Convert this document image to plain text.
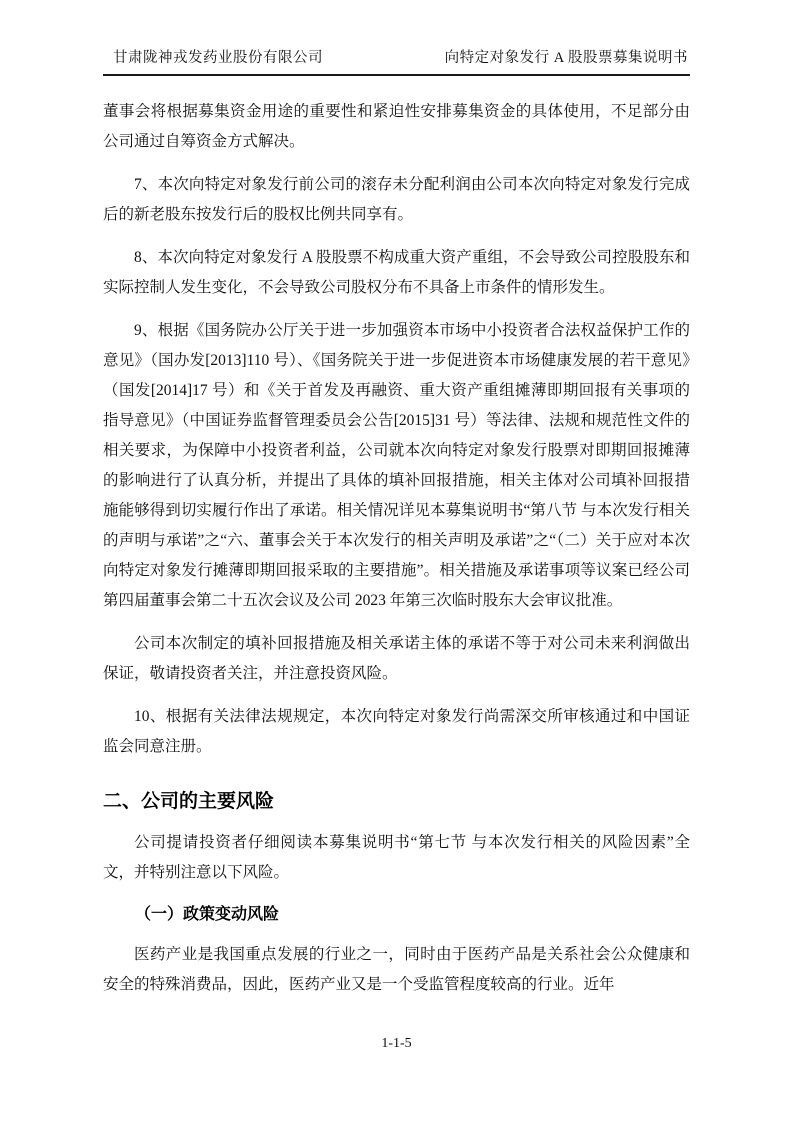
甘肃陇神戎发药业股份有限公司	向特定对象发行 A 股股票募集说明书

董事会将根据募集资金用途的重要性和紧迫性安排募集资金的具体使用，不足部分由公司通过自筹资金方式解决。

7、本次向特定对象发行前公司的滚存未分配利润由公司本次向特定对象发行完成后的新老股东按发行后的股权比例共同享有。

8、本次向特定对象发行 A 股股票不构成重大资产重组，不会导致公司控股股东和实际控制人发生变化，不会导致公司股权分布不具备上市条件的情形发生。

9、根据《国务院办公厅关于进一步加强资本市场中小投资者合法权益保护工作的意见》（国办发[2013]110 号）、《国务院关于进一步促进资本市场健康发展的若干意见》（国发[2014]17 号）和《关于首发及再融资、重大资产重组摊薄即期回报有关事项的指导意见》（中国证券监督管理委员会公告[2015]31 号）等法律、法规和规范性文件的相关要求，为保障中小投资者利益，公司就本次向特定对象发行股票对即期回报摊薄的影响进行了认真分析，并提出了具体的填补回报措施，相关主体对公司填补回报措施能够得到切实履行作出了承诺。相关情况详见本募集说明书“第八节 与本次发行相关的声明与承诺”之“六、董事会关于本次发行的相关声明及承诺”之“（二）关于应对本次向特定对象发行摊薄即期回报采取的主要措施”。相关措施及承诺事项等议案已经公司第四届董事会第二十五次会议及公司 2023 年第三次临时股东大会审议批准。

公司本次制定的填补回报措施及相关承诺主体的承诺不等于对公司未来利润做出保证，敬请投资者关注，并注意投资风险。

10、根据有关法律法规规定，本次向特定对象发行尚需深交所审核通过和中国证监会同意注册。

二、公司的主要风险

公司提请投资者仔细阅读本募集说明书“第七节 与本次发行相关的风险因素”全文，并特别注意以下风险。

（一）政策变动风险

医药产业是我国重点发展的行业之一，同时由于医药产品是关系社会公众健康和安全的特殊消费品，因此，医药产业又是一个受监管程度较高的行业。近年

1-1-5
